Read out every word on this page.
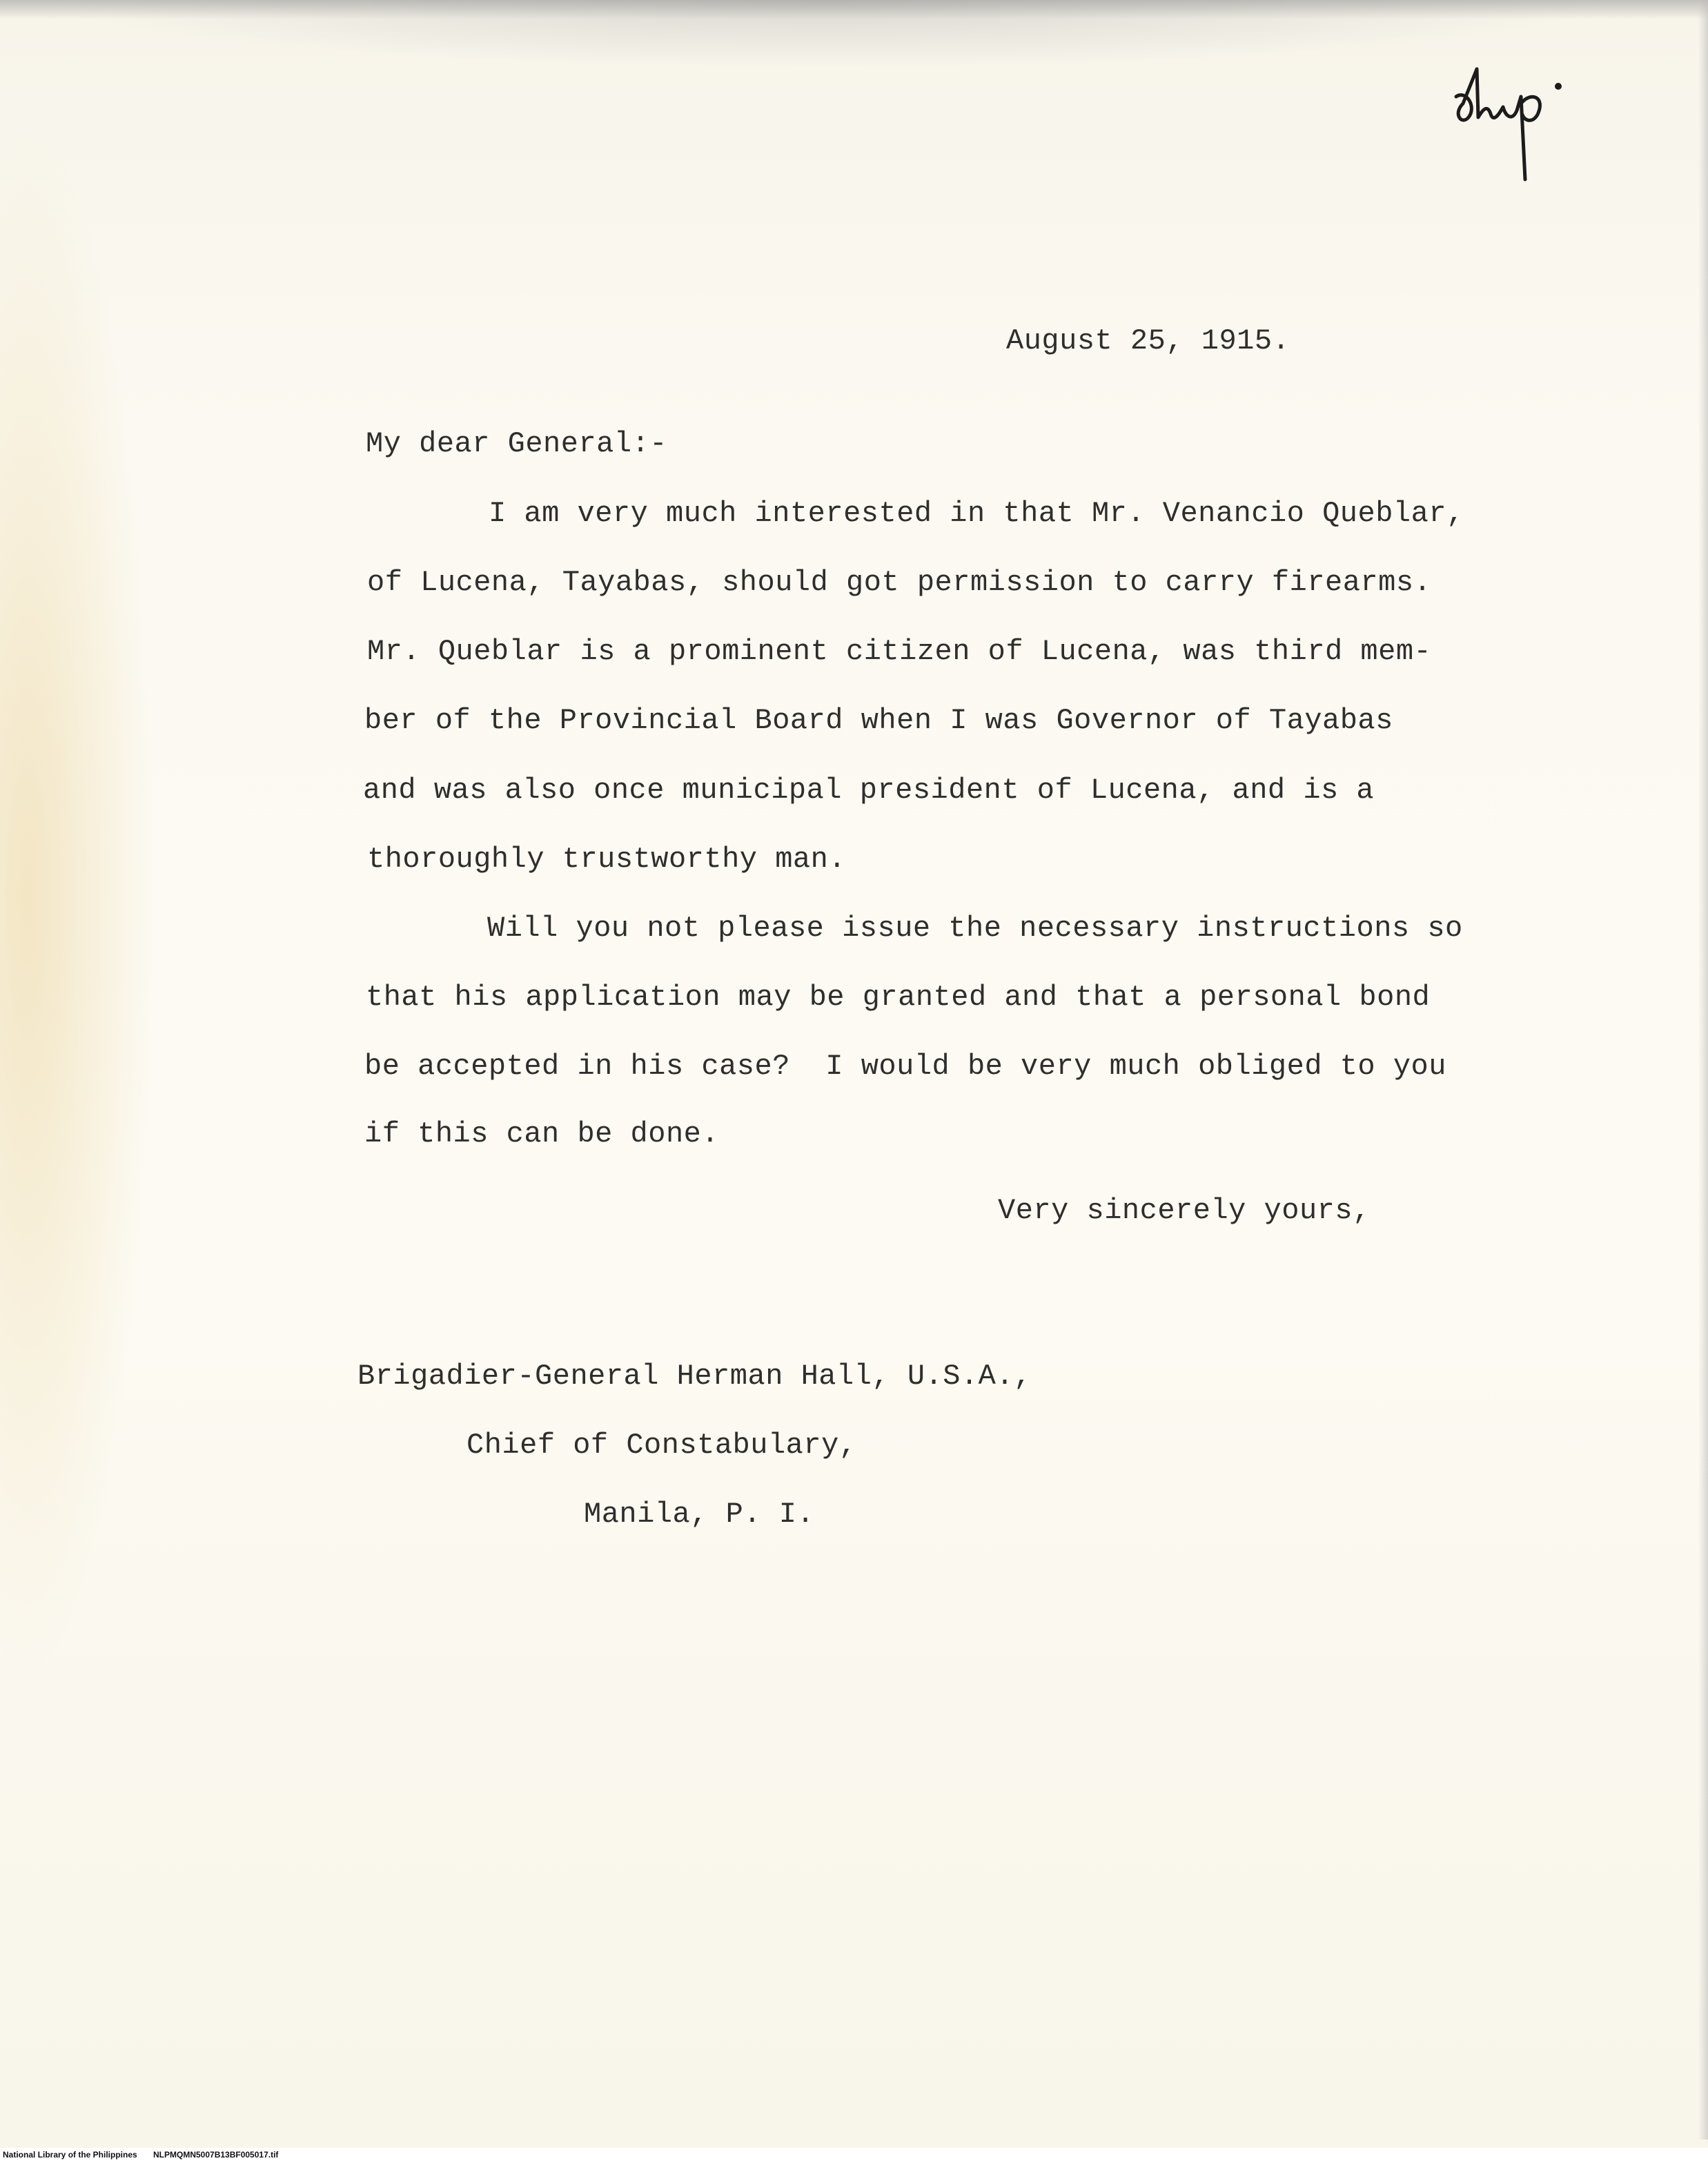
August 25, 1915.

My dear General:-

I am very much interested in that Mr. Venancio Queblar,

of Lucena, Tayabas, should got permission to carry firearms.

Mr. Queblar is a prominent citizen of Lucena, was third mem-

ber of the Provincial Board when I was Governor of Tayabas

and was also once municipal president of Lucena, and is a

thoroughly trustworthy man.

Will you not please issue the necessary instructions so

that his application may be granted and that a personal bond

be accepted in his case?  I would be very much obliged to you

if this can be done.

Very sincerely yours,

Brigadier-General Herman Hall, U.S.A.,

Chief of Constabulary,

Manila, P. I.

National Library of the Philippines NLPMQMN5007B13BF005017.tif
